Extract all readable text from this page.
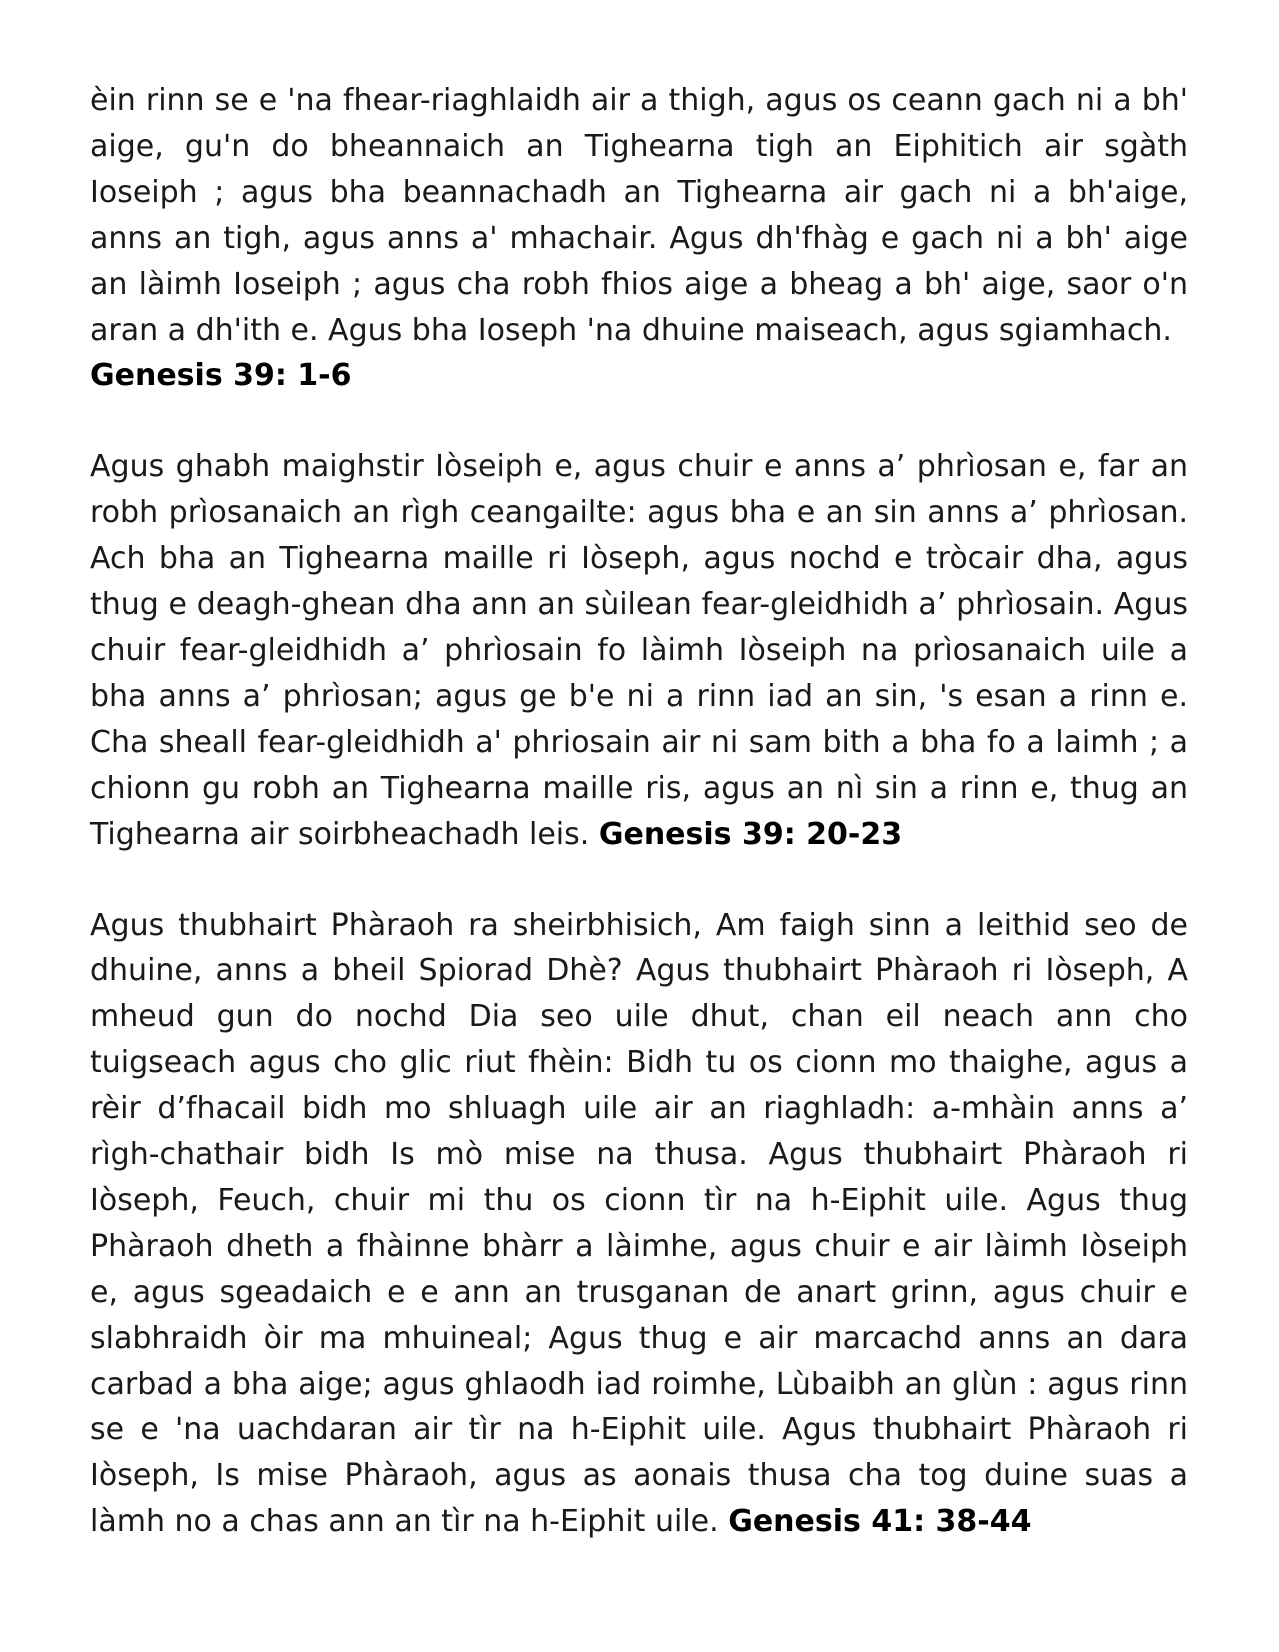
èin rinn se e 'na fhear-riaghlaidh air a thigh, agus os ceann gach ni a bh' aige, gu'n do bheannaich an Tighearna tigh an Eiphitich air sgàth Ioseiph ; agus bha beannachadh an Tighearna air gach ni a bh'aige, anns an tigh, agus anns a' mhachair. Agus dh'fhàg e gach ni a bh' aige an làimh Ioseiph ; agus cha robh fhios aige a bheag a bh' aige, saor o'n aran a dh'ith e. Agus bha Ioseph 'na dhuine maiseach, agus sgiamhach.
Genesis 39: 1-6

Agus ghabh maighstir Iòseiph e, agus chuir e anns a’ phrìosan e, far an robh prìosanaich an rìgh ceangailte: agus bha e an sin anns a’ phrìosan. Ach bha an Tighearna maille ri Iòseph, agus nochd e tròcair dha, agus thug e deagh-ghean dha ann an sùilean fear-gleidhidh a’ phrìosain. Agus chuir fear-gleidhidh a’ phrìosain fo làimh Iòseiph na prìosanaich uile a bha anns a’ phrìosan; agus ge b'e ni a rinn iad an sin, 's esan a rinn e. Cha sheall fear-gleidhidh a' phriosain air ni sam bith a bha fo a laimh ; a chionn gu robh an Tighearna maille ris, agus an nì sin a rinn e, thug an Tighearna air soirbheachadh leis. Genesis 39: 20-23

Agus thubhairt Phàraoh ra sheirbhisich, Am faigh sinn a leithid seo de dhuine, anns a bheil Spiorad Dhè? Agus thubhairt Phàraoh ri Iòseph, A mheud gun do nochd Dia seo uile dhut, chan eil neach ann cho tuigseach agus cho glic riut fhèin: Bidh tu os cionn mo thaighe, agus a rèir d’fhacail bidh mo shluagh uile air an riaghladh: a-mhàin anns a’ rìgh-chathair bidh Is mò mise na thusa. Agus thubhairt Phàraoh ri Iòseph, Feuch, chuir mi thu os cionn tìr na h-Eiphit uile. Agus thug Phàraoh dheth a fhàinne bhàrr a làimhe, agus chuir e air làimh Iòseiph e, agus sgeadaich e e ann an trusganan de anart grinn, agus chuir e slabhraidh òir ma mhuineal; Agus thug e air marcachd anns an dara carbad a bha aige; agus ghlaodh iad roimhe, Lùbaibh an glùn : agus rinn se e 'na uachdaran air tìr na h-Eiphit uile. Agus thubhairt Phàraoh ri Iòseph, Is mise Phàraoh, agus as aonais thusa cha tog duine suas a làmh no a chas ann an tìr na h-Eiphit uile. Genesis 41: 38-44
